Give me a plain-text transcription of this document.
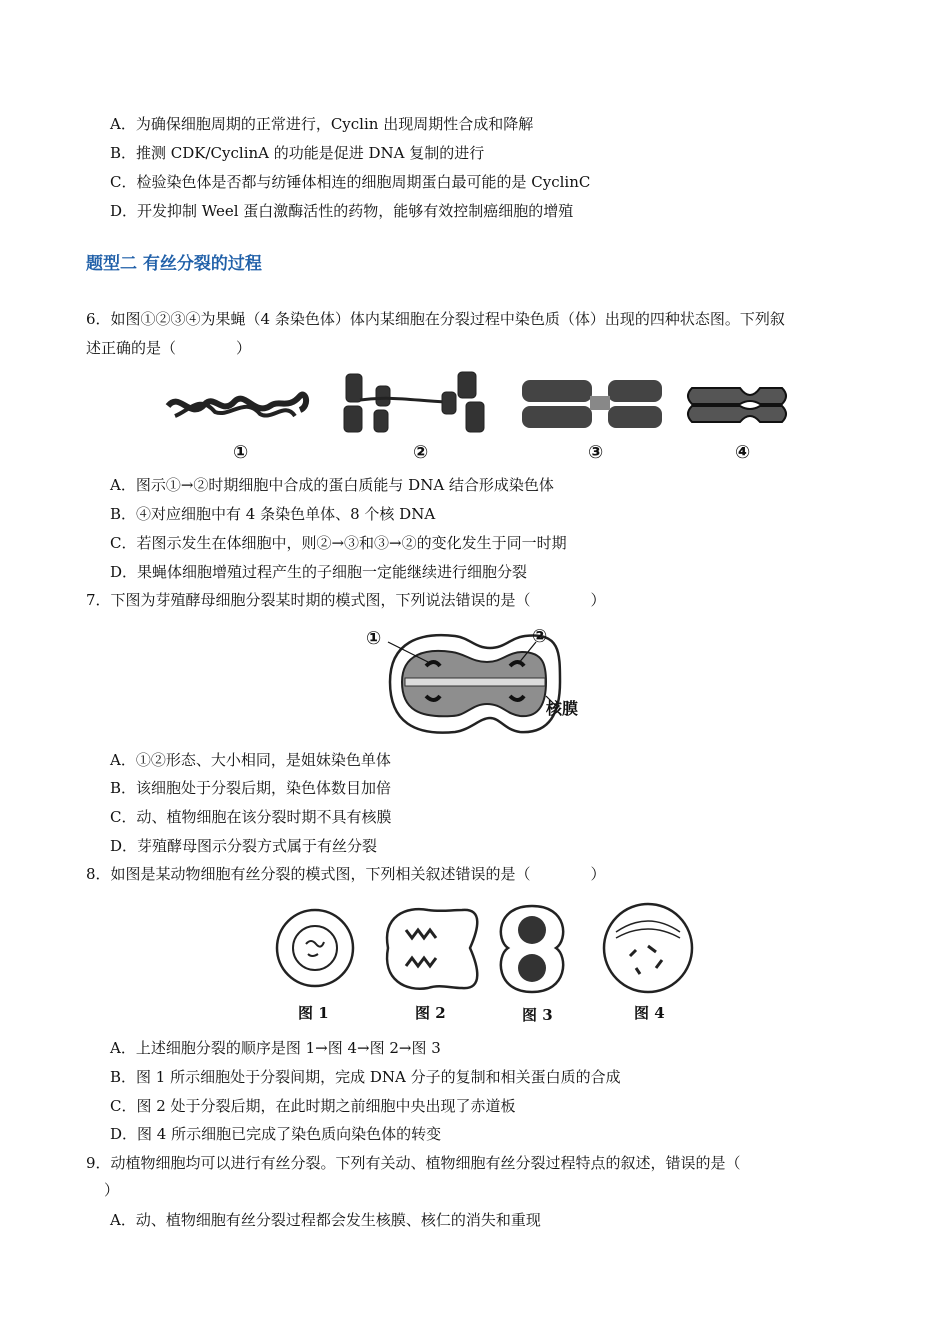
A．为确保细胞周期的正常进行，Cyclin 出现周期性合成和降解
B．推测 CDK/CyclinA 的功能是促进 DNA 复制的进行
C．检验染色体是否都与纺锤体相连的细胞周期蛋白最可能的是 CyclinC
D．开发抑制 Weel 蛋白激酶活性的药物，能够有效控制癌细胞的增殖
题型二 有丝分裂的过程
6．如图①②③④为果蝇（4 条染色体）体内某细胞在分裂过程中染色质（体）出现的四种状态图。下列叙
述正确的是（　　　　）
①	②	③	④
A．图示①→②时期细胞中合成的蛋白质能与 DNA 结合形成染色体
B．④对应细胞中有 4 条染色单体、8 个核 DNA
C．若图示发生在体细胞中，则②→③和③→②的变化发生于同一时期
D．果蝇体细胞增殖过程产生的子细胞一定能继续进行细胞分裂
7．下图为芽殖酵母细胞分裂某时期的模式图，下列说法错误的是（　　　　）
①	②
核膜
A．①②形态、大小相同，是姐妹染色单体
B．该细胞处于分裂后期，染色体数目加倍
C．动、植物细胞在该分裂时期不具有核膜
D．芽殖酵母图示分裂方式属于有丝分裂
8．如图是某动物细胞有丝分裂的模式图，下列相关叙述错误的是（　　　　）
图 1	图 2	图 3	图 4
A．上述细胞分裂的顺序是图 1→图 4→图 2→图 3
B．图 1 所示细胞处于分裂间期，完成 DNA 分子的复制和相关蛋白质的合成
C．图 2 处于分裂后期，在此时期之前细胞中央出现了赤道板
D．图 4 所示细胞已完成了染色质向染色体的转变
9．动植物细胞均可以进行有丝分裂。下列有关动、植物细胞有丝分裂过程特点的叙述，错误的是（
）
A．动、植物细胞有丝分裂过程都会发生核膜、核仁的消失和重现
